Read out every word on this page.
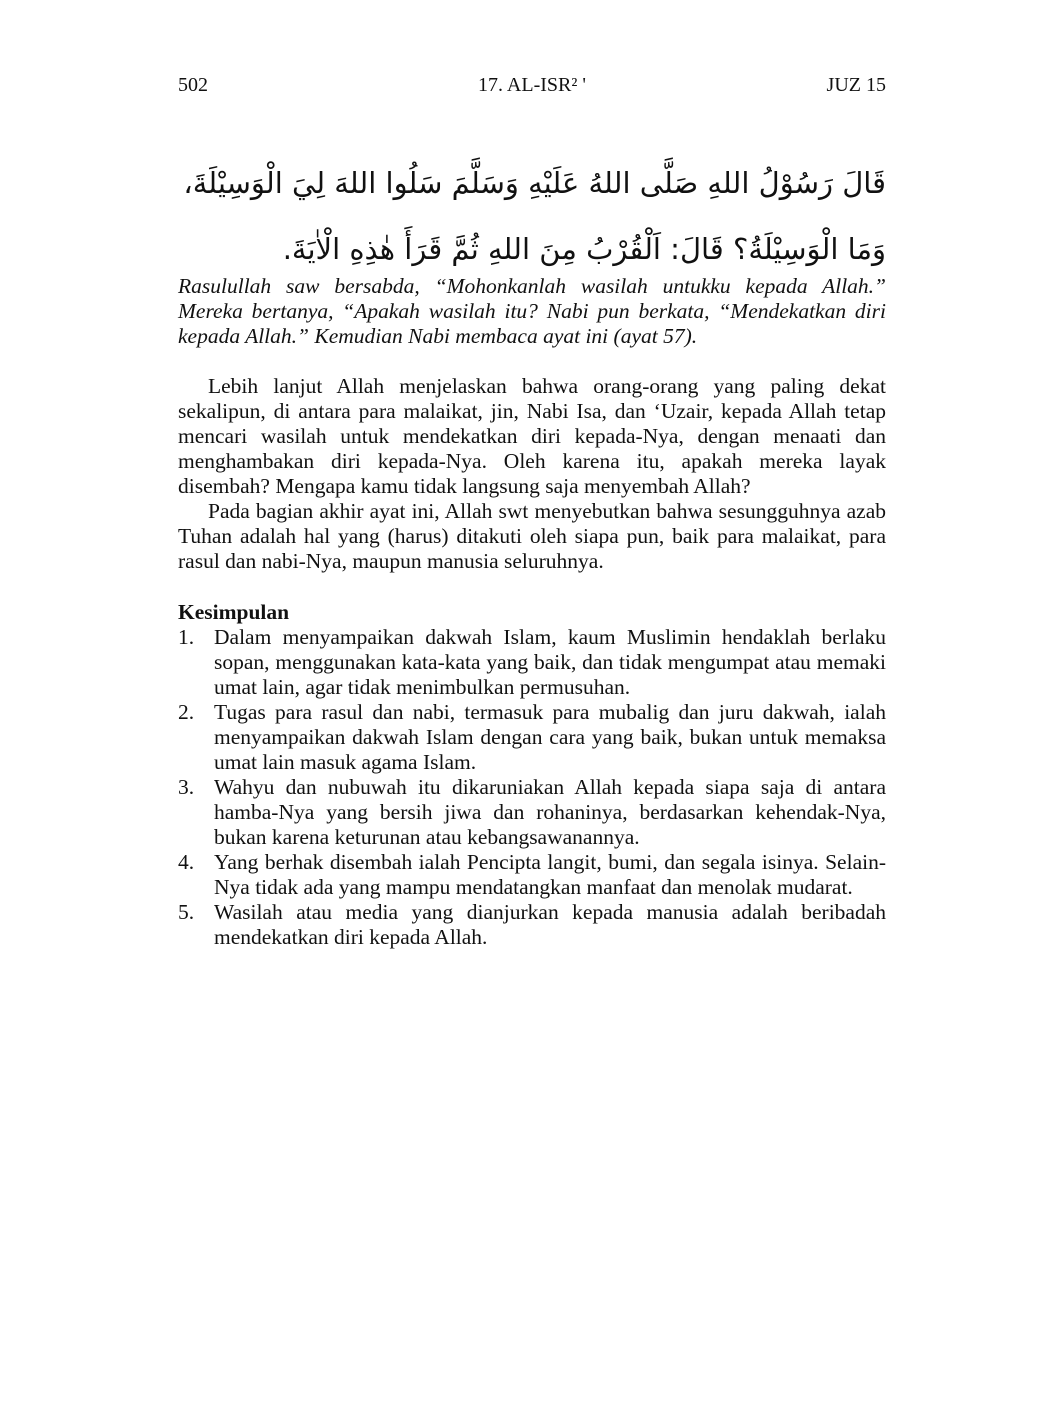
502	17. AL-ISR² '	JUZ 15
قَالَ رَسُوْلُ اللهِ صَلَّى اللهُ عَلَيْهِ وَسَلَّمَ سَلُوا اللهَ لِيَ الْوَسِيْلَةَ، وَمَا الْوَسِيْلَةُ؟ قَالَ: اَلْقُرْبُ مِنَ اللهِ ثُمَّ قَرَأَ هٰذِهِ الْاٰيَةَ.
Rasulullah saw bersabda, “Mohonkanlah wasilah untukku kepada Allah.” Mereka bertanya, “Apakah wasilah itu? Nabi pun berkata, “Mendekatkan diri kepada Allah.” Kemudian Nabi membaca ayat ini (ayat 57).

Lebih lanjut Allah menjelaskan bahwa orang-orang yang paling dekat sekalipun, di antara para malaikat, jin, Nabi Isa, dan ‘Uzair, kepada Allah tetap mencari wasilah untuk mendekatkan diri kepada-Nya, dengan menaati dan menghambakan diri kepada-Nya. Oleh karena itu, apakah mereka layak disembah? Mengapa kamu tidak langsung saja menyembah Allah?

Pada bagian akhir ayat ini, Allah swt menyebutkan bahwa sesungguhnya azab Tuhan adalah hal yang (harus) ditakuti oleh siapa pun, baik para malaikat, para rasul dan nabi-Nya, maupun manusia seluruhnya.

Kesimpulan
1. Dalam menyampaikan dakwah Islam, kaum Muslimin hendaklah berlaku sopan, menggunakan kata-kata yang baik, dan tidak mengumpat atau memaki umat lain, agar tidak menimbulkan permusuhan.
2. Tugas para rasul dan nabi, termasuk para mubalig dan juru dakwah, ialah menyampaikan dakwah Islam dengan cara yang baik, bukan untuk memaksa umat lain masuk agama Islam.
3. Wahyu dan nubuwah itu dikaruniakan Allah kepada siapa saja di antara hamba-Nya yang bersih jiwa dan rohaninya, berdasarkan kehendak-Nya, bukan karena keturunan atau kebangsawanannya.
4. Yang berhak disembah ialah Pencipta langit, bumi, dan segala isinya. Selain-Nya tidak ada yang mampu mendatangkan manfaat dan menolak mudarat.
5. Wasilah atau media yang dianjurkan kepada manusia adalah beribadah mendekatkan diri kepada Allah.
